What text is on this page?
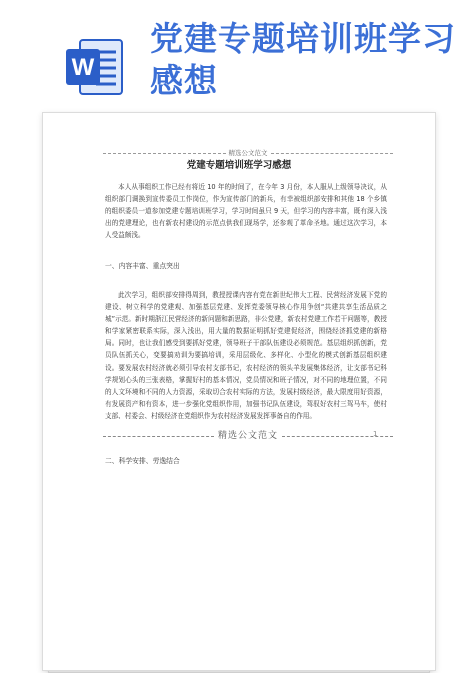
W
党建专题培训班学习感想
精选公文范文
党建专题培训班学习感想
本人从事组织工作已经有将近 10 年的时间了，在今年 3 月份，本人服从上级领导决议，从组织部门调换到宣传委员工作岗位，作为宣传部门的新兵，有幸被组织部安排和其他 18 个乡镇的组织委员一道参加党建专题培训班学习，学习时间虽只 9 天，但学习的内容丰富，既有深入浅出的党建理论，也有新农村建设的示范点供我们现场学，还参观了革命圣地。通过这次学习，本人受益颇浅。
一、内容丰富、重点突出
此次学习，组织部安排得周到，教授授课内容有党在新世纪伟大工程、民营经济发展下党的建设、树立科学的党建观、加强基层党建、发挥党委领导核心作用争创“共建共享生活品质之城”示范。新时期浙江民营经济的新问题和新思路，非公党建，新农村党建工作若干问题等，教授和学家紧密联系实际，深入浅出，用大量的数据证明抓好党建促经济，围绕经济抓党建的新格局。同时，也让我们感受到要抓好党建，领导班子干部队伍建设必须规范。基层组织抓创新，党员队伍抓关心，变要搞劝训为要搞培训，采用层级化、多样化、小型化的模式创新基层组织建设。要发展农村经济就必须引导农村支部书记，农村经济的领头羊发展集体经济，让支部书记科学规划心头的三张表格，掌握好村的基本情况，党员情况和班子情况，对不同的地理位置，不同的人文环境和不同的人力资源，采取切合农村实际的方法，发展村级经济，最大限度用好资源，有发展资产和有资本，进一步强化党组织作用，加强书记队伍建设，驾驭好农村三驾马车，使村支部、村委会、村级经济在党组织作为农村经济发展发挥事备自的作用。
精选公文范文	1
二、科学安排、劳逸结合
